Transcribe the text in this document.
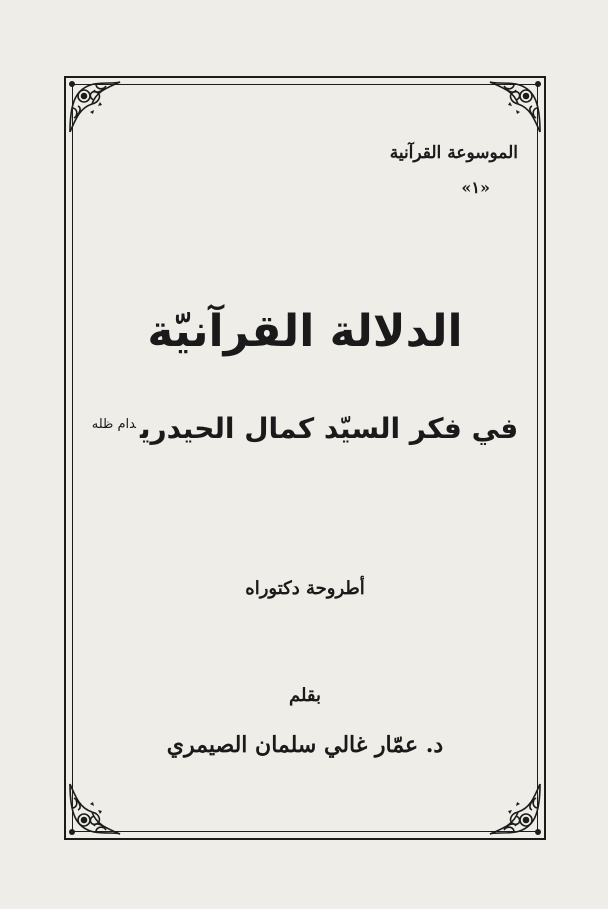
الموسوعة القرآنية
«١»
الدلالة القرآنيّة
في فكر السيّد كمال الحيدري$^{دام ظله}$
أطروحة دكتوراه
بقلم
د. عمّار غالي سلمان الصيمري
